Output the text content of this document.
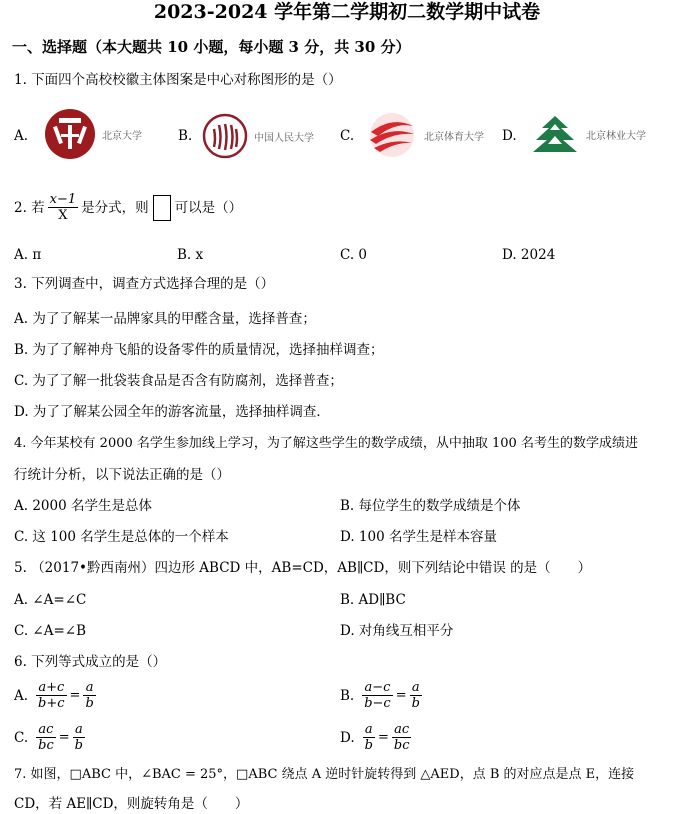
2023-2024 学年第二学期初二数学期中试卷
一、选择题（本大题共 10 小题，每小题 3 分，共 30 分）
1. 下面四个高校校徽主体图案是中心对称图形的是（）
A.	北京大学	B.	中国人民大学 C.	北京体育大学 D.	北京林业大学
2. 若 $\frac{x-1}{X}$ 是分式，则 可以是（）
A. π	B. x	C. 0	D. 2024
3. 下列调查中，调查方式选择合理的是（）
A. 为了了解某一品牌家具的甲醛含量，选择普查；
B. 为了了解神舟飞船的设备零件的质量情况，选择抽样调查；
C. 为了了解一批袋装食品是否含有防腐剂，选择普查；
D. 为了了解某公园全年的游客流量，选择抽样调查．
4. 今年某校有 2000 名学生参加线上学习，为了解这些学生的数学成绩，从中抽取 100 名考生的数学成绩进
行统计分析，以下说法正确的是（）
A. 2000 名学生是总体	B. 每位学生的数学成绩是个体
C. 这 100 名学生是总体的一个样本	D. 100 名学生是样本容量
5. （2017•黔西南州）四边形 ABCD 中，AB=CD，AB∥CD，则下列结论中错误 的是（　　）
A. ∠A=∠C	B. AD∥BC
C. ∠A=∠B	D. 对角线互相平分
6. 下列等式成立的是（）
A. $\frac{a+c}{b+c} = \frac{a}{b}$	B. $\frac{a-c}{b-c} = \frac{a}{b}$
C. $\frac{ac}{bc} = \frac{a}{b}$	D. $\frac{a}{b} = \frac{ac}{bc}$
7. 如图，□ABC 中，∠BAC = 25°，□ABC 绕点 A 逆时针旋转得到 △AED，点 B 的对应点是点 E，连接
CD，若 AE∥CD，则旋转角是（　　）
